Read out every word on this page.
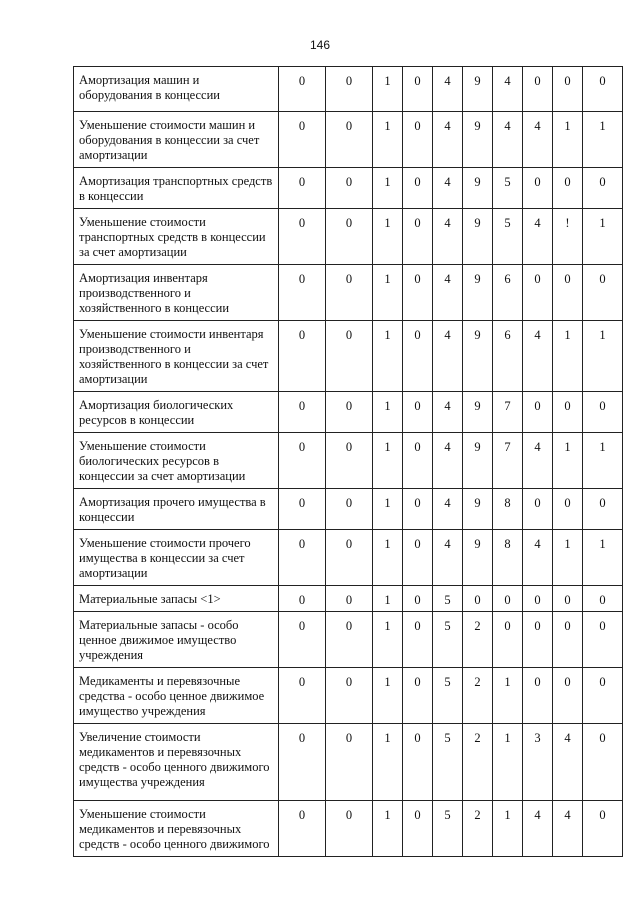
146
Амортизация машин и оборудования в концессии	0	0	1	0	4	9	4	0	0	0
Уменьшение стоимости машин и оборудования в концессии за счет амортизации	0	0	1	0	4	9	4	4	1	1
Амортизация транспортных средств в концессии	0	0	1	0	4	9	5	0	0	0
Уменьшение стоимости транспортных средств в концессии за счет амортизации	0	0	1	0	4	9	5	4	!	1
Амортизация инвентаря производственного и хозяйственного в концессии	0	0	1	0	4	9	6	0	0	0
Уменьшение стоимости инвентаря производственного и хозяйственного в концессии за счет амортизации	0	0	1	0	4	9	6	4	1	1
Амортизация биологических ресурсов в концессии	0	0	1	0	4	9	7	0	0	0
Уменьшение стоимости биологических ресурсов в концессии за счет амортизации	0	0	1	0	4	9	7	4	1	1
Амортизация прочего имущества в концессии	0	0	1	0	4	9	8	0	0	0
Уменьшение стоимости прочего имущества в концессии за счет амортизации	0	0	1	0	4	9	8	4	1	1
Материальные запасы <1>	0	0	1	0	5	0	0	0	0	0
Материальные запасы - особо ценное движимое имущество учреждения	0	0	1	0	5	2	0	0	0	0
Медикаменты и перевязочные средства - особо ценное движимое имущество учреждения	0	0	1	0	5	2	1	0	0	0
Увеличение стоимости медикаментов и перевязочных средств - особо ценного движимого имущества учреждения	0	0	1	0	5	2	1	3	4	0
Уменьшение стоимости медикаментов и перевязочных средств - особо ценного движимого	0	0	1	0	5	2	1	4	4	0
